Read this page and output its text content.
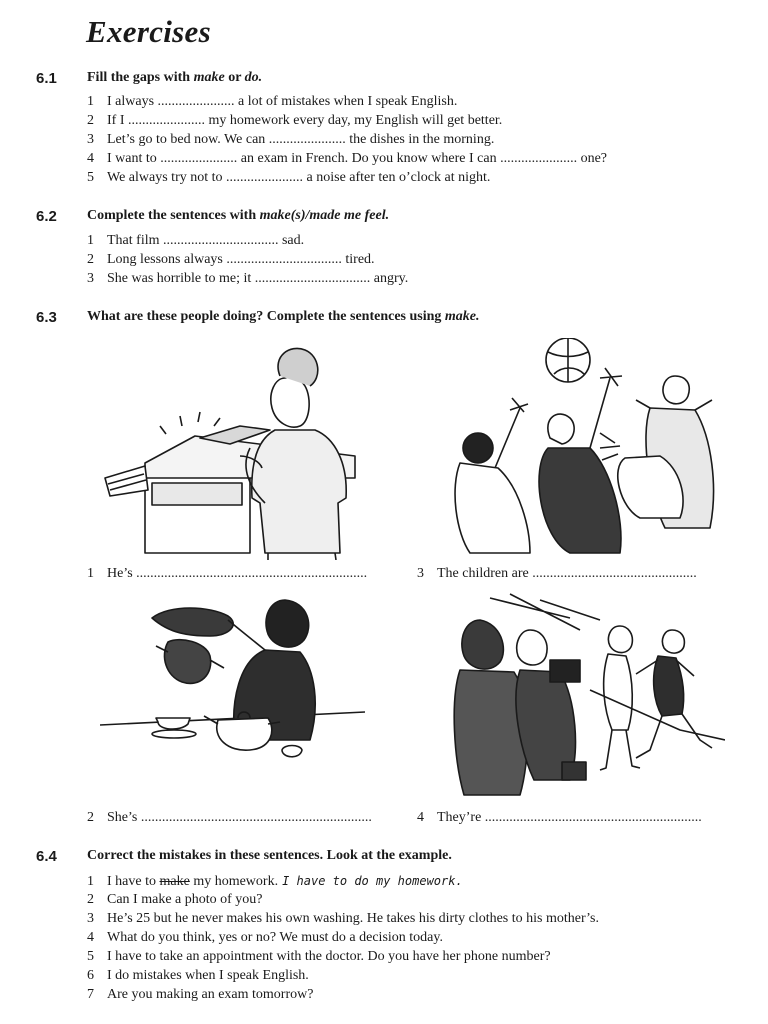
Exercises
6.1 Fill the gaps with make or do.
1 I always ...................... a lot of mistakes when I speak English.
2 If I ...................... my homework every day, my English will get better.
3 Let’s go to bed now. We can ...................... the dishes in the morning.
4 I want to ...................... an exam in French. Do you know where I can ...................... one?
5 We always try not to ...................... a noise after ten o’clock at night.
6.2 Complete the sentences with make(s)/made me feel.
1 That film ................................. sad.
2 Long lessons always ................................. tired.
3 She was horrible to me; it ................................. angry.
6.3 What are these people doing? Complete the sentences using make.
1 He’s ..................................................................	3 The children are ...............................................
2 She’s ..................................................................	4 They’re ..............................................................
6.4 Correct the mistakes in these sentences. Look at the example.
1 I have to make my homework. I have to do my homework.
2 Can I make a photo of you?
3 He’s 25 but he never makes his own washing. He takes his dirty clothes to his mother’s.
4 What do you think, yes or no? We must do a decision today.
5 I have to take an appointment with the doctor. Do you have her phone number?
6 I do mistakes when I speak English.
7 Are you making an exam tomorrow?
